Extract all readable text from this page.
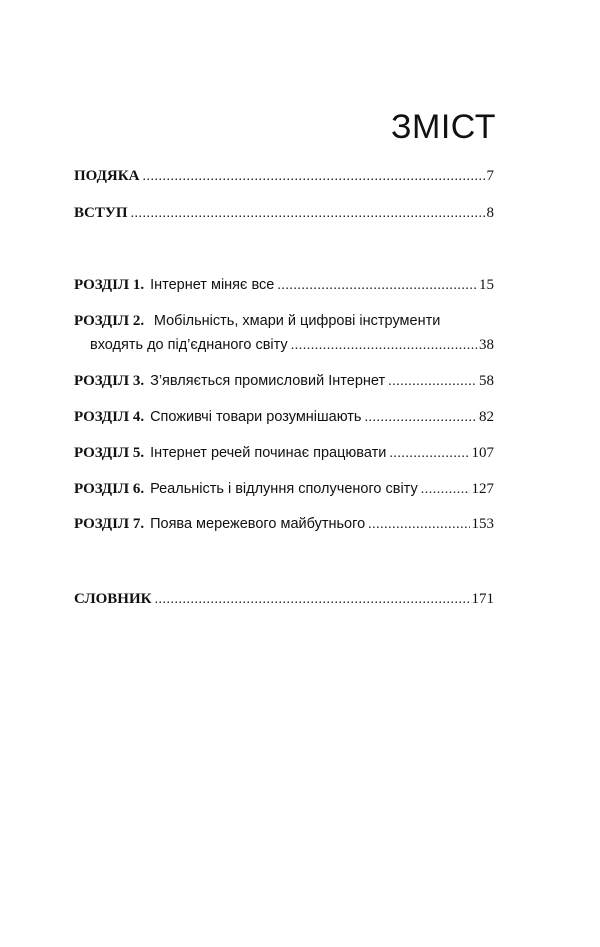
ЗМІСТ
ПОДЯКА .....	7
ВСТУП .....	8
РОЗДІЛ 1. Інтернет міняє все .....	15
РОЗДІЛ 2. Мобільність, хмари й цифрові інструменти
входять до під’єднаного світу .....	38
РОЗДІЛ 3. З’являється промисловий Інтернет .....	58
РОЗДІЛ 4. Споживчі товари розумнішають .....	82
РОЗДІЛ 5. Інтернет речей починає працювати .....	107
РОЗДІЛ 6. Реальність і відлуння сполученого світу .....	127
РОЗДІЛ 7. Поява мережевого майбутнього .....	153
СЛОВНИК .....	171
